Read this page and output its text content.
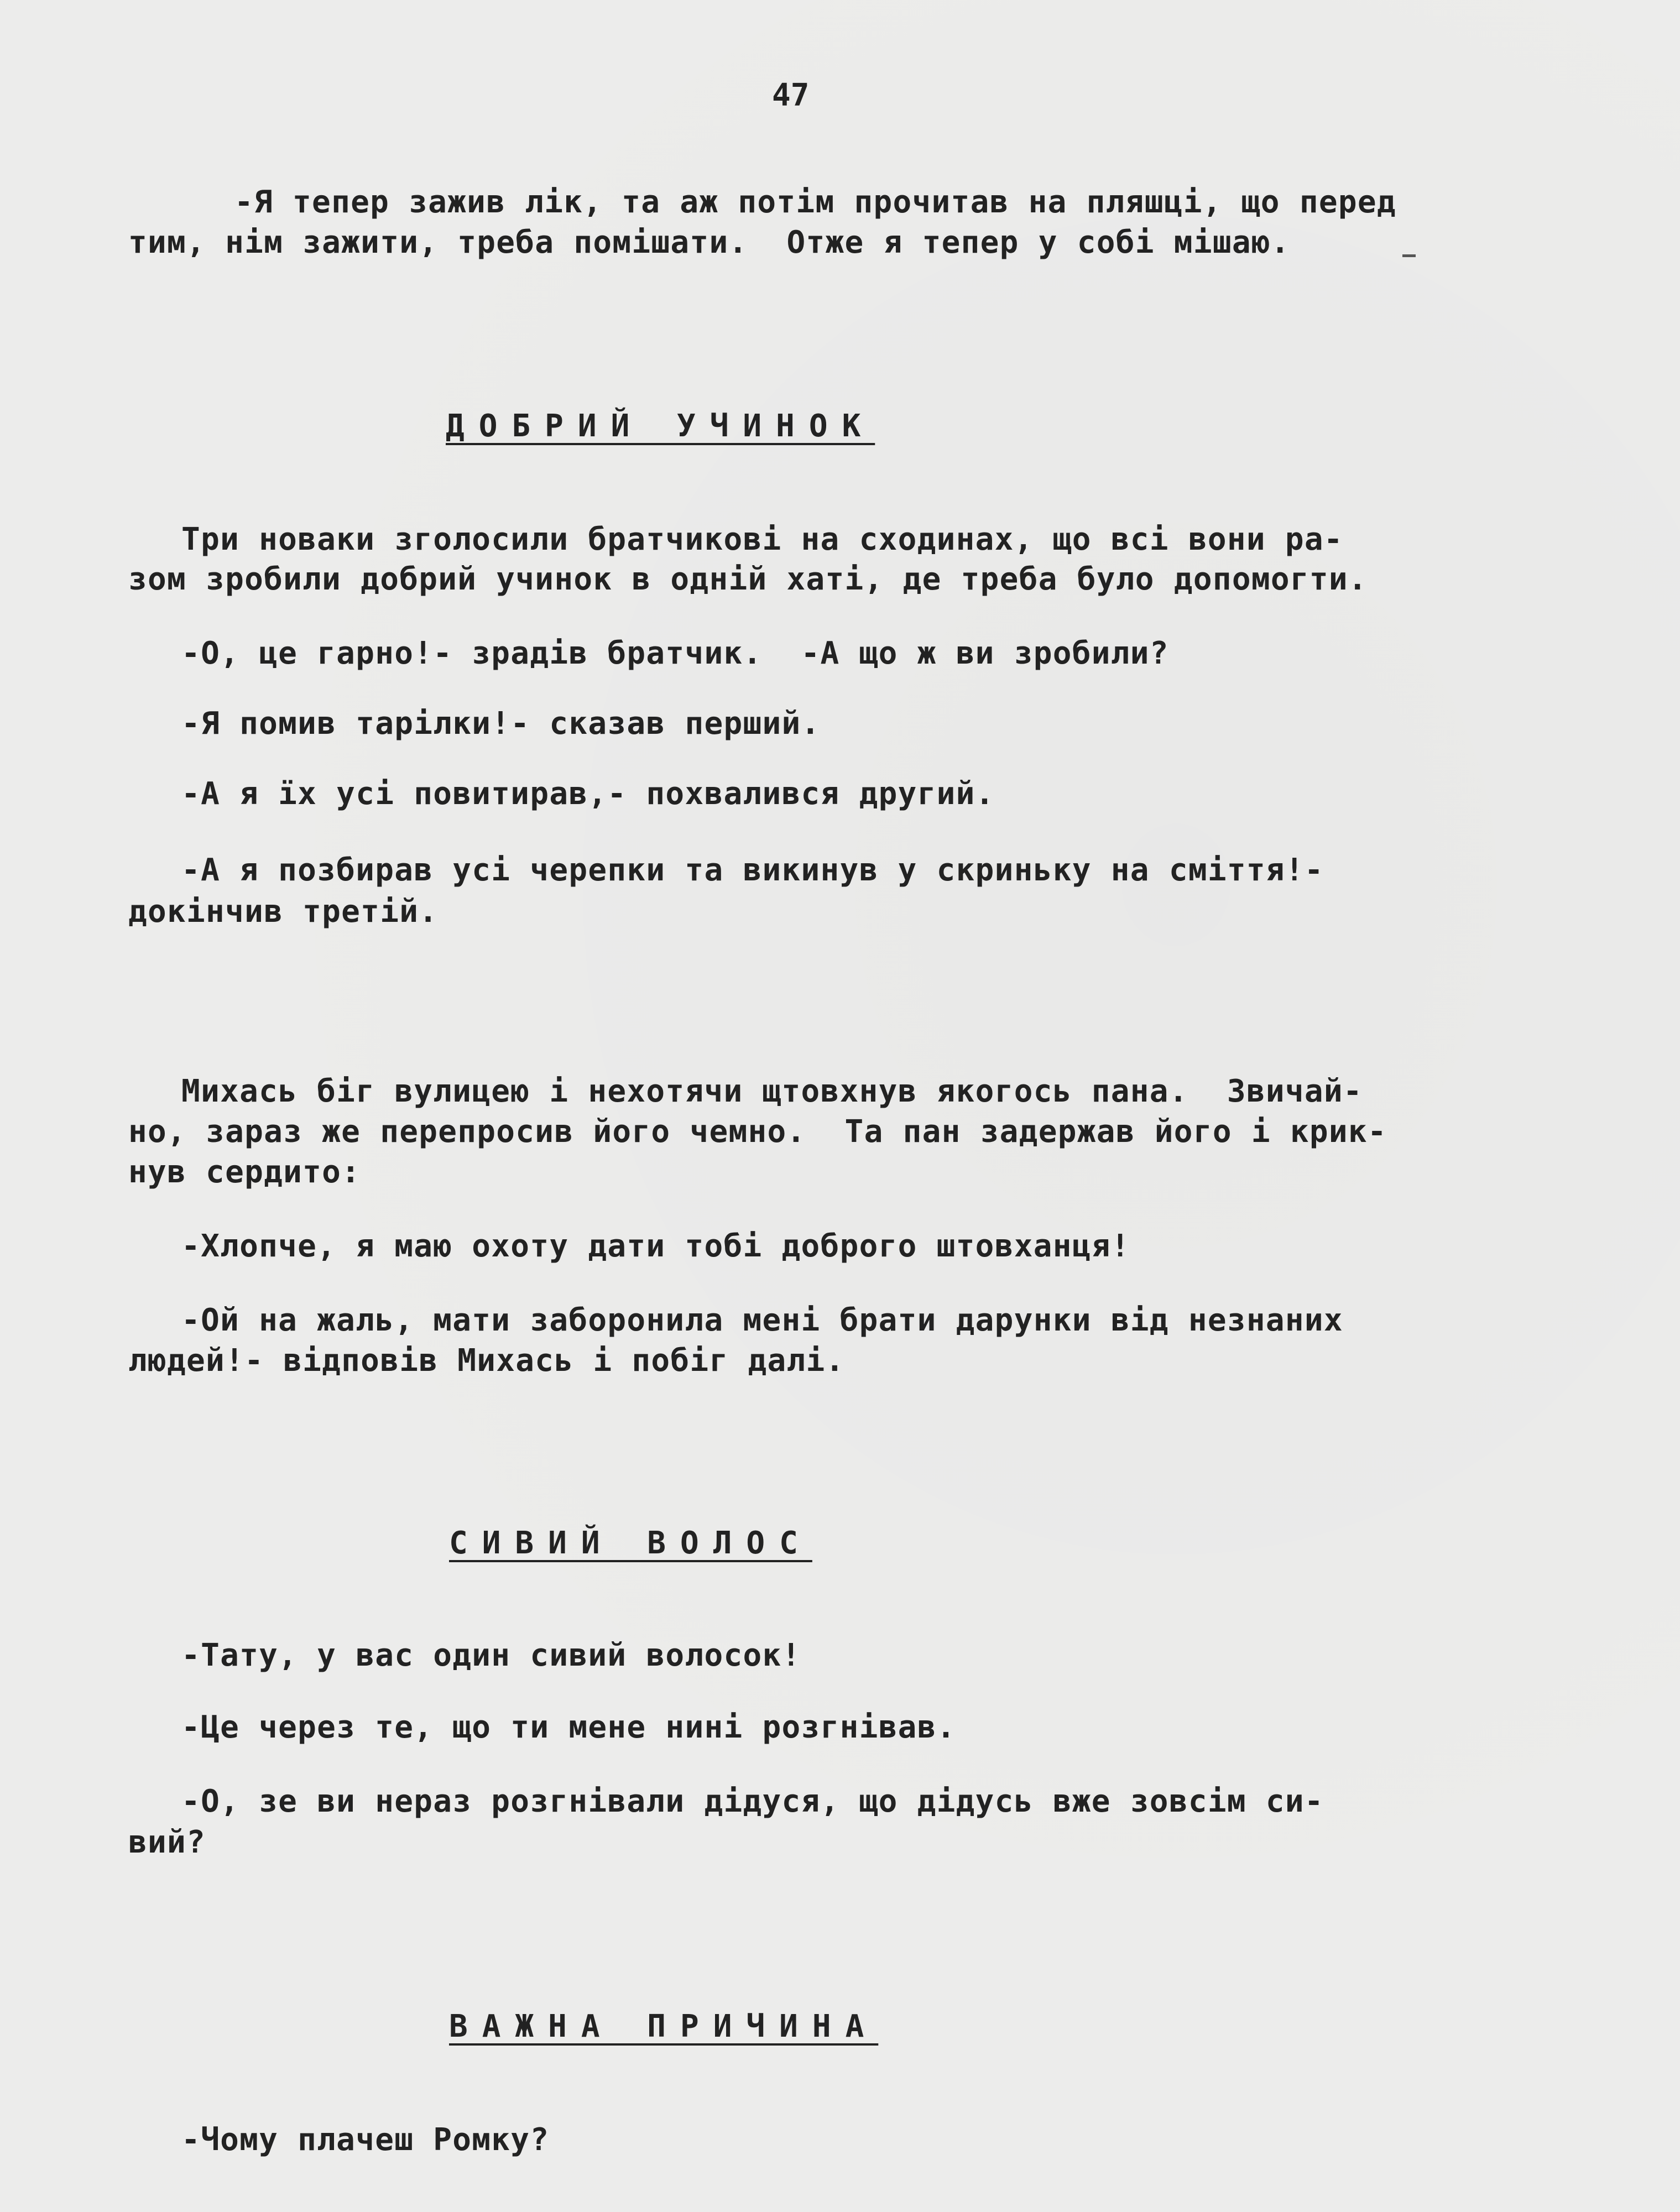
47
-Я тепер зажив лік, та аж потім прочитав на пляшці, що перед
тим, нім зажити, треба помішати.  Отже я тепер у собі мішаю.
ДОБРИЙ УЧИНОК
Три новаки зголосили братчикові на сходинах, що всі вони ра-
зом зробили добрий учинок в одній хаті, де треба було допомогти.
-О, це гарно!- зрадів братчик.  -А що ж ви зробили?
-Я помив тарілки!- сказав перший.
-А я їх усі повитирав,- похвалився другий.
-А я позбирав усі черепки та викинув у скриньку на сміття!-
докінчив третій.
Михась біг вулицею і нехотячи щтовхнув якогось пана.  Звичай-
но, зараз же перепросив його чемно.  Та пан задержав його і крик-
нув сердито:
-Хлопче, я маю охоту дати тобі доброго штовханця!
-Ой на жаль, мати заборонила мені брати дарунки від незнаних
людей!- відповів Михась і побіг далі.
СИВИЙ ВОЛОС
-Тату, у вас один сивий волосок!
-Це через те, що ти мене нині розгнівав.
-О, зе ви нераз розгнівали дідуся, що дідусь вже зовсім си-
вий?
ВАЖНА ПРИЧИНА
-Чому плачеш Ромку?
